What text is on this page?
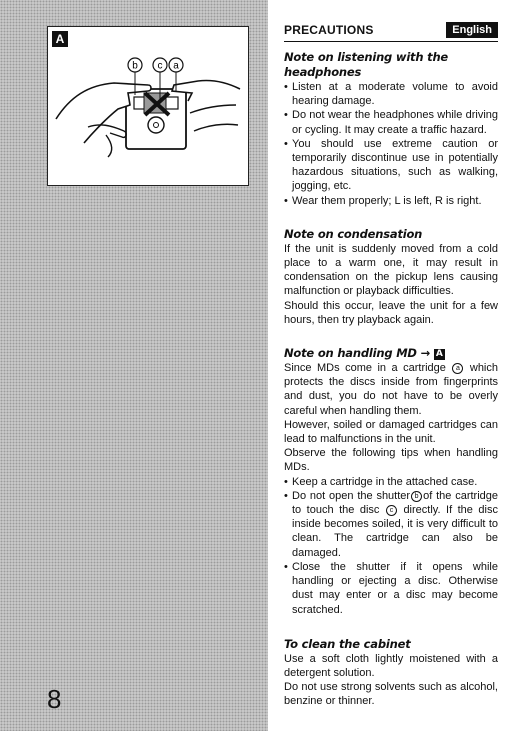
b c a
A
8
PRECAUTIONS	English
Note on listening with the headphones
• Listen at a moderate volume to avoid hearing damage.
• Do not wear the headphones while driving or cycling. It may create a traffic hazard.
• You should use extreme caution or temporarily discontinue use in potentially hazardous situations, such as walking, jogging, etc.
• Wear them properly; L is left, R is right.
Note on condensation

If the unit is suddenly moved from a cold place to a warm one, it may result in condensation on the pickup lens causing malfunction or playback difficulties.

Should this occur, leave the unit for a few hours, then try playback again.

Note on handling MD → A

Since MDs come in a cartridge a which protects the discs inside from fingerprints and dust, you do not have to be overly careful when handling them.

However, soiled or damaged cartridges can lead to malfunctions in the unit.

Observe the following tips when handling MDs.

• Keep a cartridge in the attached case.
• Do not open the shutter b of the cartridge to touch the disc c directly. If the disc inside becomes soiled, it is very difficult to clean. The cartridge can also be damaged.
• Close the shutter if it opens while handling or ejecting a disc. Otherwise dust may enter or a disc may become scratched.
To clean the cabinet

Use a soft cloth lightly moistened with a detergent solution.

Do not use strong solvents such as alcohol, benzine or thinner.
